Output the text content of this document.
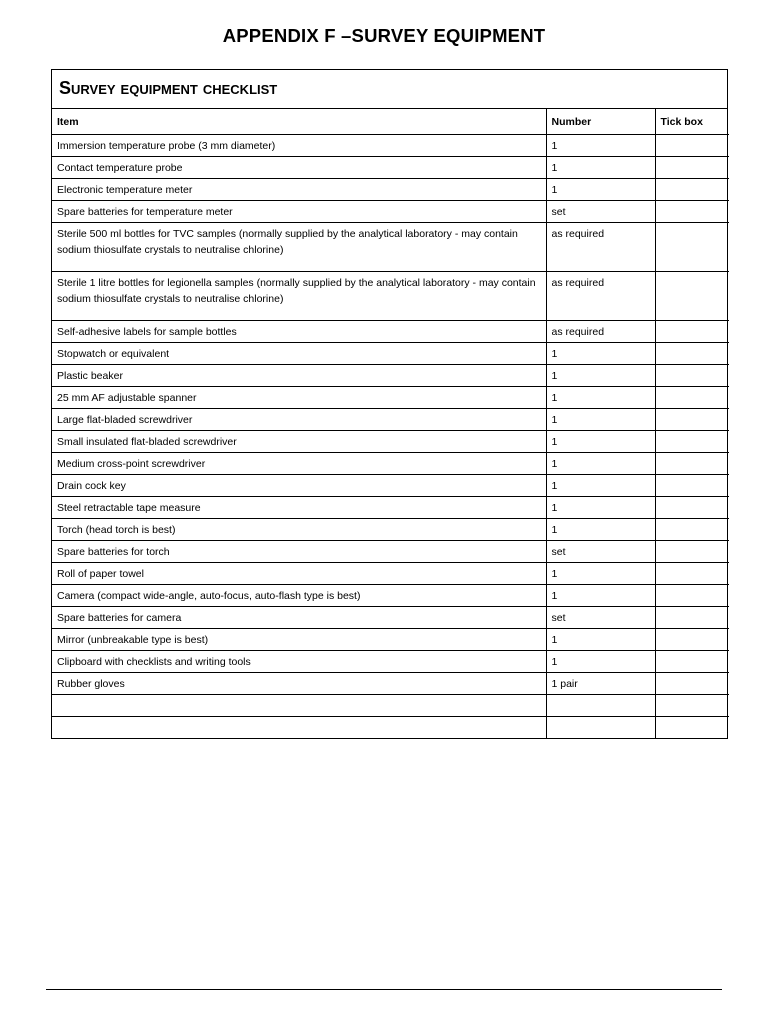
APPENDIX F –SURVEY EQUIPMENT
Survey equipment checklist
Item	Number	Tick box
Immersion temperature probe (3 mm diameter)	1	
Contact temperature probe	1	
Electronic temperature meter	1	
Spare batteries for temperature meter	set	
Sterile 500 ml bottles for TVC samples (normally supplied by the analytical laboratory - may contain sodium thiosulfate crystals to neutralise chlorine)	as required	
Sterile 1 litre bottles for legionella samples (normally supplied by the analytical laboratory - may contain sodium thiosulfate crystals to neutralise chlorine)	as required	
Self-adhesive labels for sample bottles	as required	
Stopwatch or equivalent	1	
Plastic beaker	1	
25 mm AF adjustable spanner	1	
Large flat-bladed screwdriver	1	
Small insulated flat-bladed screwdriver	1	
Medium cross-point screwdriver	1	
Drain cock key	1	
Steel retractable tape measure	1	
Torch (head torch is best)	1	
Spare batteries for torch	set	
Roll of paper towel	1	
Camera (compact wide-angle, auto-focus, auto-flash type is best)	1	
Spare batteries for camera	set	
Mirror (unbreakable type is best)	1	
Clipboard with checklists and writing tools	1	
Rubber gloves	1 pair	
